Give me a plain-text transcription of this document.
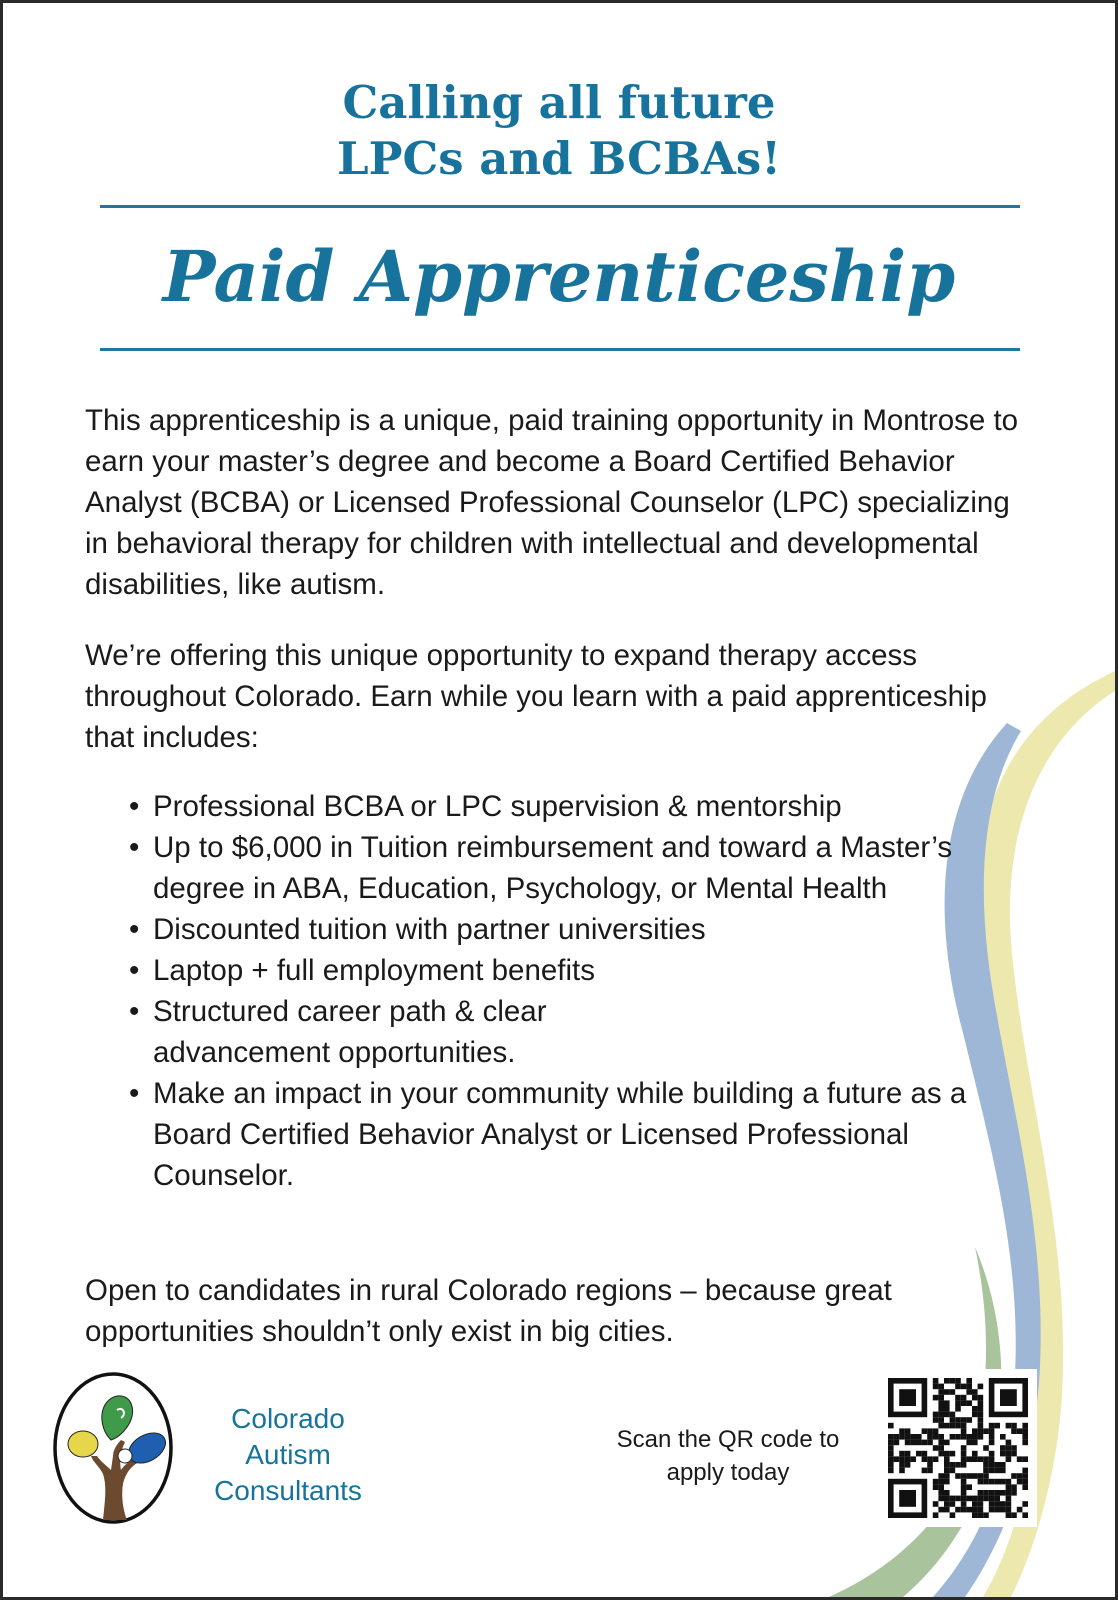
Calling all future
LPCs and BCBAs!
Paid Apprenticeship

This apprenticeship is a unique, paid training opportunity in Montrose to earn your master’s degree and become a Board Certified Behavior Analyst (BCBA) or Licensed Professional Counselor (LPC) specializing in behavioral therapy for children with intellectual and developmental disabilities, like autism.

We’re offering this unique opportunity to expand therapy access throughout Colorado. Earn while you learn with a paid apprenticeship that includes:

• Professional BCBA or LPC supervision & mentorship
• Up to $6,000 in Tuition reimbursement and toward a Master’s degree in ABA, Education, Psychology, or Mental Health
• Discounted tuition with partner universities
• Laptop + full employment benefits
• Structured career path & clear advancement opportunities.
• Make an impact in your community while building a future as a Board Certified Behavior Analyst or Licensed Professional Counselor.

Open to candidates in rural Colorado regions – because great opportunities shouldn’t only exist in big cities.

Colorado
Autism
Consultants
Scan the QR code to
apply today
